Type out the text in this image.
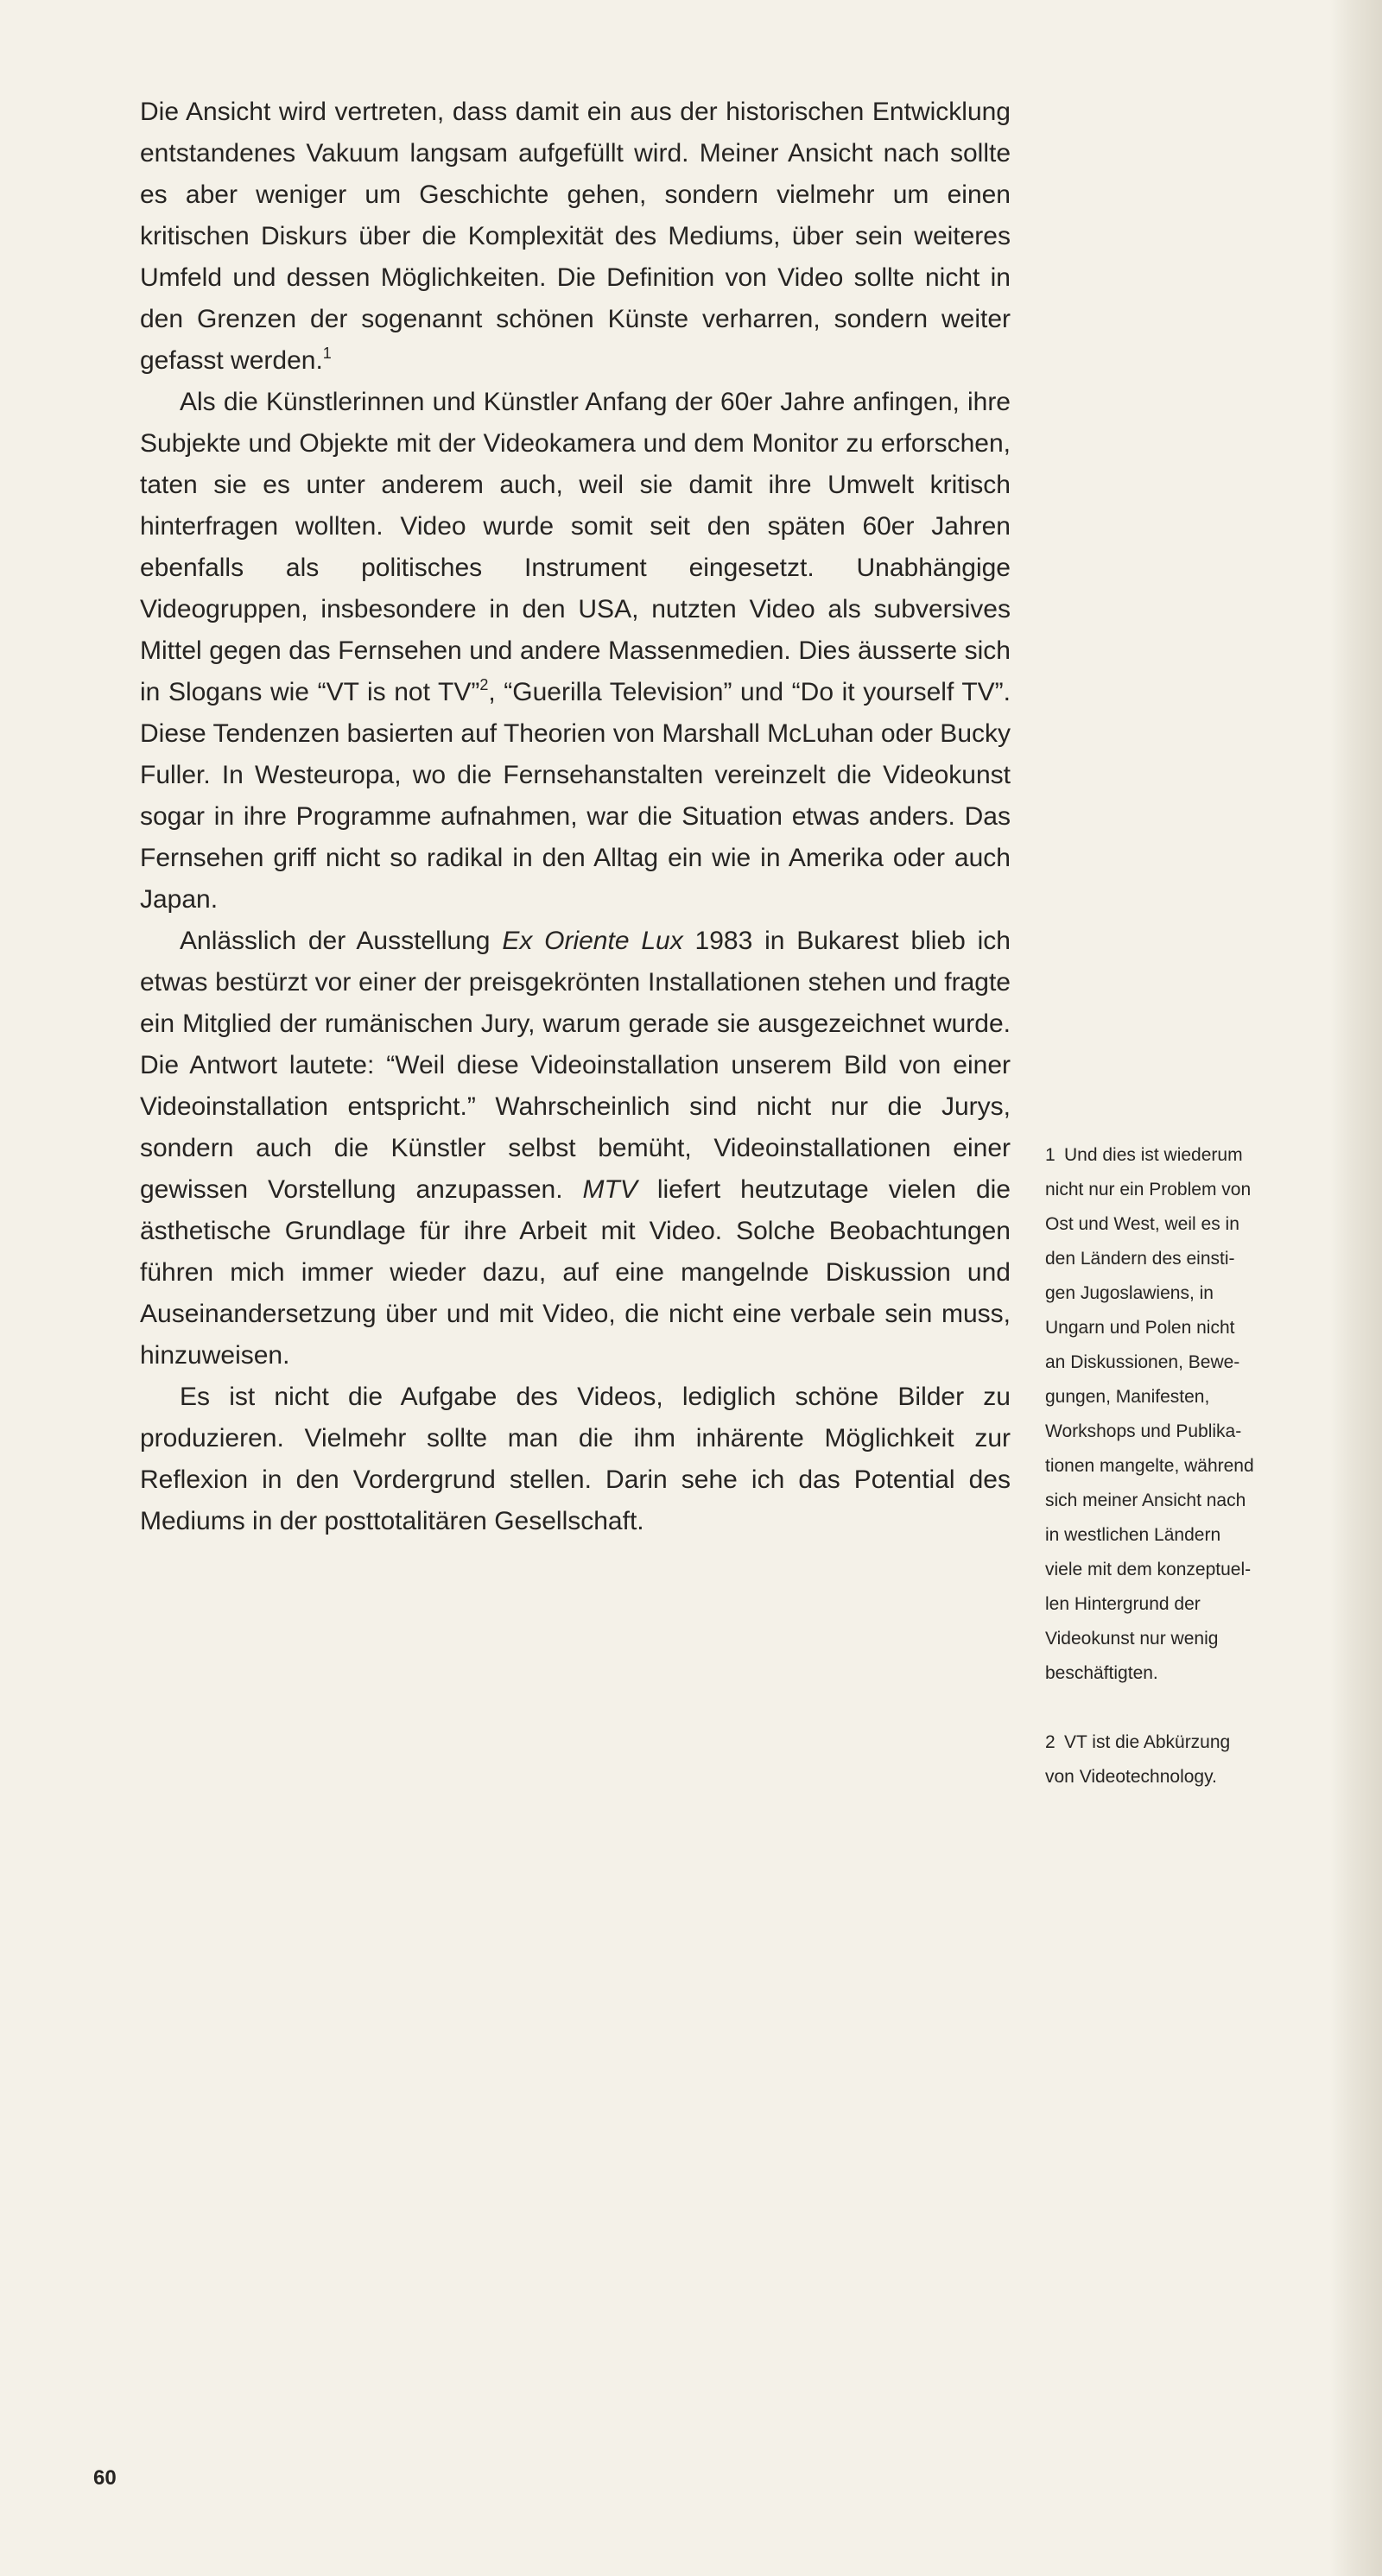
Die Ansicht wird vertreten, dass damit ein aus der historischen Entwicklung entstandenes Vakuum langsam aufgefüllt wird. Meiner Ansicht nach sollte es aber weniger um Geschichte gehen, sondern vielmehr um einen kritischen Diskurs über die Komplexität des Mediums, über sein weiteres Umfeld und dessen Möglichkeiten. Die Definition von Video sollte nicht in den Grenzen der sogenannt schönen Künste verharren, sondern weiter gefasst werden.$^1$

Als die Künstlerinnen und Künstler Anfang der 60er Jahre anfingen, ihre Subjekte und Objekte mit der Videokamera und dem Monitor zu erforschen, taten sie es unter anderem auch, weil sie damit ihre Umwelt kritisch hinterfragen wollten. Video wurde somit seit den späten 60er Jahren ebenfalls als politisches Instrument eingesetzt. Unabhängige Videogruppen, insbesondere in den USA, nutzten Video als subversives Mittel gegen das Fernsehen und andere Massenmedien. Dies äusserte sich in Slogans wie “VT is not TV”$^2$, “Guerilla Television” und “Do it yourself TV”. Diese Tendenzen basierten auf Theorien von Marshall McLuhan oder Bucky Fuller. In Westeuropa, wo die Fernsehanstalten vereinzelt die Videokunst sogar in ihre Programme aufnahmen, war die Situation etwas anders. Das Fernsehen griff nicht so radikal in den Alltag ein wie in Amerika oder auch Japan.

Anlässlich der Ausstellung Ex Oriente Lux 1983 in Bukarest blieb ich etwas bestürzt vor einer der preisgekrönten Installationen stehen und fragte ein Mitglied der rumänischen Jury, warum gerade sie ausgezeichnet wurde. Die Antwort lautete: “Weil diese Videoinstallation unserem Bild von einer Videoinstallation entspricht.” Wahrscheinlich sind nicht nur die Jurys, sondern auch die Künstler selbst bemüht, Videoinstallationen einer gewissen Vorstellung anzupassen. MTV liefert heutzutage vielen die ästhetische Grundlage für ihre Arbeit mit Video. Solche Beobachtungen führen mich immer wieder dazu, auf eine mangelnde Diskussion und Auseinandersetzung über und mit Video, die nicht eine verbale sein muss, hinzuweisen.

Es ist nicht die Aufgabe des Videos, lediglich schöne Bilder zu produzieren. Vielmehr sollte man die ihm inhärente Möglichkeit zur Reflexion in den Vordergrund stellen. Darin sehe ich das Potential des Mediums in der posttotalitären Gesellschaft.

1 Und dies ist wiederum
nicht nur ein Problem von
Ost und West, weil es in
den Ländern des einsti-
gen Jugoslawiens, in
Ungarn und Polen nicht
an Diskussionen, Bewe-
gungen, Manifesten,
Workshops und Publika-
tionen mangelte, während
sich meiner Ansicht nach
in westlichen Ländern
viele mit dem konzeptuel-
len Hintergrund der
Videokunst nur wenig
beschäftigten.

2 VT ist die Abkürzung
von Videotechnology.

60
